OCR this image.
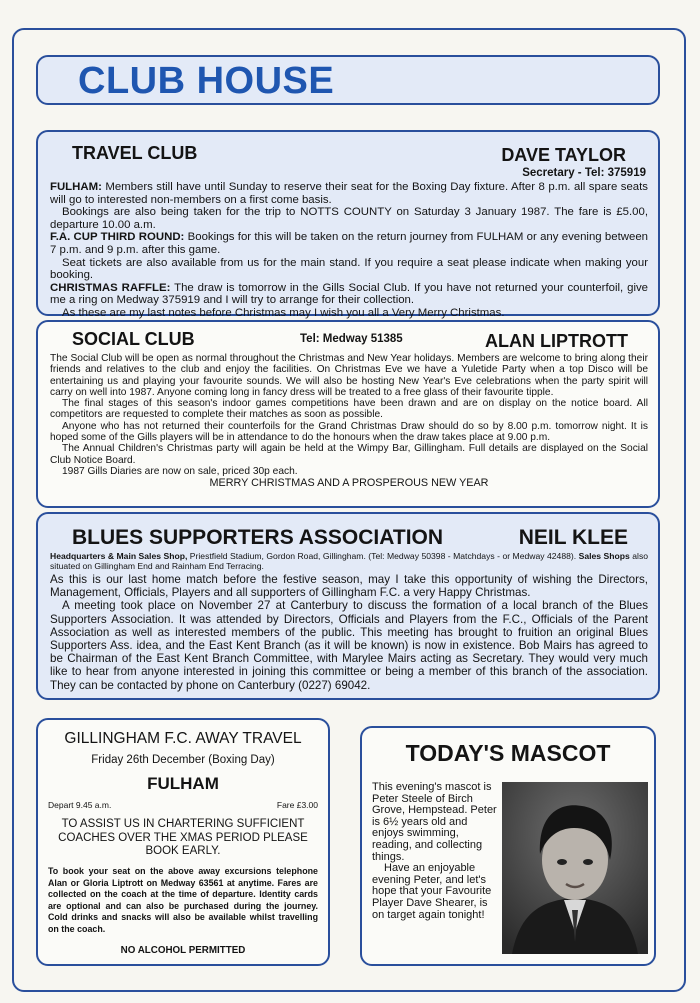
CLUB HOUSE
TRAVEL CLUB	DAVE TAYLOR
Secretary - Tel: 375919

FULHAM: Members still have until Sunday to reserve their seat for the Boxing Day fixture. After 8 p.m. all spare seats will go to interested non-members on a first come basis.

Bookings are also being taken for the trip to NOTTS COUNTY on Saturday 3 January 1987. The fare is £5.00, departure 10.00 a.m.

F.A. CUP THIRD ROUND: Bookings for this will be taken on the return journey from FULHAM or any evening between 7 p.m. and 9 p.m. after this game.

Seat tickets are also available from us for the main stand. If you require a seat please indicate when making your booking.

CHRISTMAS RAFFLE: The draw is tomorrow in the Gills Social Club. If you have not returned your counterfoil, give me a ring on Medway 375919 and I will try to arrange for their collection.

As these are my last notes before Christmas may I wish you all a Very Merry Christmas.

SOCIAL CLUB	Tel: Medway 51385	ALAN LIPTROTT

The Social Club will be open as normal throughout the Christmas and New Year holidays. Members are welcome to bring along their friends and relatives to the club and enjoy the facilities. On Christmas Eve we have a Yuletide Party when a top Disco will be entertaining us and playing your favourite sounds. We will also be hosting New Year's Eve celebrations when the party spirit will carry on well into 1987. Anyone coming long in fancy dress will be treated to a free glass of their favourite tipple.

The final stages of this season's indoor games competitions have been drawn and are on display on the notice board. All competitors are requested to complete their matches as soon as possible.

Anyone who has not returned their counterfoils for the Grand Christmas Draw should do so by 8.00 p.m. tomorrow night. It is hoped some of the Gills players will be in attendance to do the honours when the draw takes place at 9.00 p.m.

The Annual Children's Christmas party will again be held at the Wimpy Bar, Gillingham. Full details are displayed on the Social Club Notice Board.

1987 Gills Diaries are now on sale, priced 30p each.

MERRY CHRISTMAS AND A PROSPEROUS NEW YEAR

BLUES SUPPORTERS ASSOCIATION	NEIL KLEE
Headquarters & Main Sales Shop, Priestfield Stadium, Gordon Road, Gillingham. (Tel: Medway 50398 - Matchdays - or Medway 42488). Sales Shops also situated on Gillingham End and Rainham End Terracing.

As this is our last home match before the festive season, may I take this opportunity of wishing the Directors, Management, Officials, Players and all supporters of Gillingham F.C. a very Happy Christmas.

A meeting took place on November 27 at Canterbury to discuss the formation of a local branch of the Blues Supporters Association. It was attended by Directors, Officials and Players from the F.C., Officials of the Parent Association as well as interested members of the public. This meeting has brought to fruition an original Blues Supporters Ass. idea, and the East Kent Branch (as it will be known) is now in existence. Bob Mairs has agreed to be Chairman of the East Kent Branch Committee, with Marylee Mairs acting as Secretary. They would very much like to hear from anyone interested in joining this committee or being a member of this branch of the association. They can be contacted by phone on Canterbury (0227) 69042.

GILLINGHAM F.C. AWAY TRAVEL
Friday 26th December (Boxing Day)
FULHAM
Depart 9.45 a.m.	Fare £3.00
TO ASSIST US IN CHARTERING SUFFICIENT COACHES OVER THE XMAS PERIOD PLEASE BOOK EARLY.
To book your seat on the above away excursions telephone Alan or Gloria Liptrott on Medway 63561 at anytime. Fares are collected on the coach at the time of departure. Identity cards are optional and can also be purchased during the journey. Cold drinks and snacks will also be available whilst travelling on the coach.
NO ALCOHOL PERMITTED
TODAY'S MASCOT

This evening's mascot is Peter Steele of Birch Grove, Hempstead. Peter is 6½ years old and enjoys swimming, reading, and collecting things.

Have an enjoyable evening Peter, and let's hope that your Favourite Player Dave Shearer, is on target again tonight!
